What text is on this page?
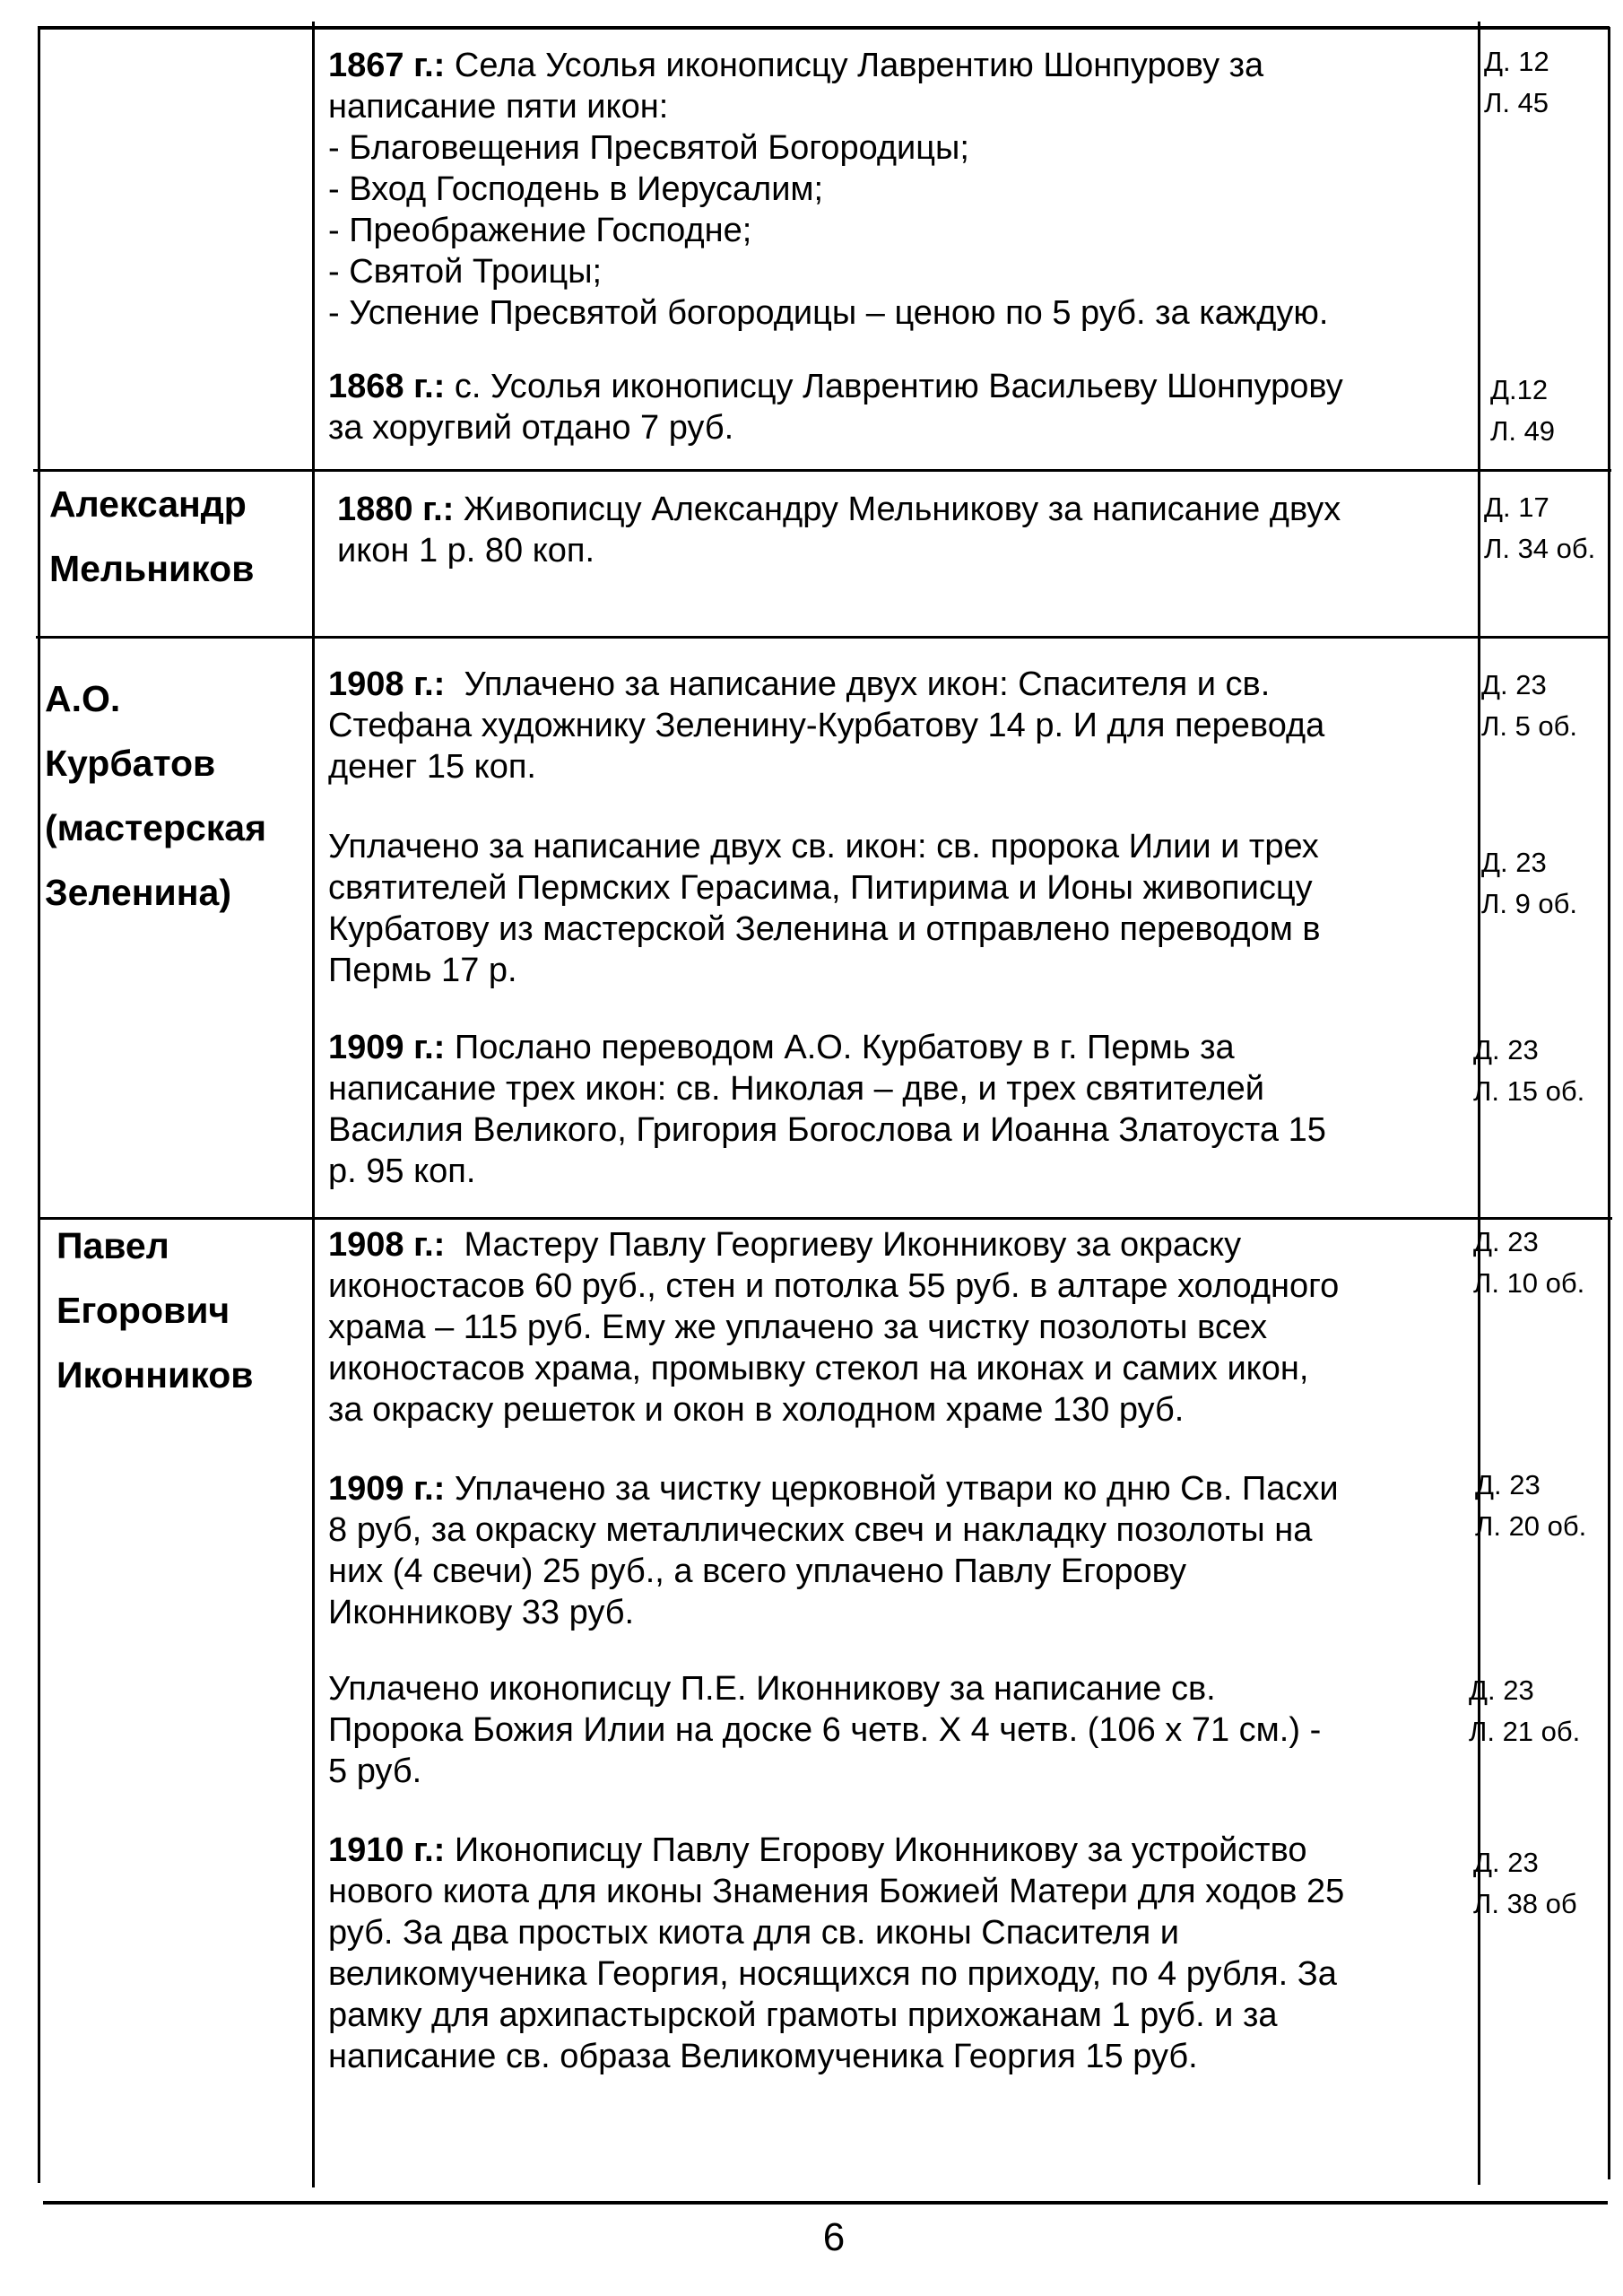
1867 г.: Села Усолья иконописцу Лаврентию Шонпурову за
написание пяти икон:
- Благовещения Пресвятой Богородицы;
- Вход Господень в Иерусалим;
- Преображение Господне;
- Святой Троицы;
- Успение Пресвятой богородицы – ценою по 5 руб. за каждую.
Д. 12
Л. 45
1868 г.: с. Усолья иконописцу Лаврентию Васильеву Шонпурову
за хоругвий отдано 7 руб.
Д.12
Л. 49
Александр
Мельников
1880 г.: Живописцу Александру Мельникову за написание двух
икон 1 р. 80 коп.
Д. 17
Л. 34 об.
А.О.
Курбатов
(мастерская
Зеленина)
1908 г.:  Уплачено за написание двух икон: Спасителя и св.
Стефана художнику Зеленину-Курбатову 14 р. И для перевода
денег 15 коп.
Д. 23
Л. 5 об.
Уплачено за написание двух св. икон: св. пророка Илии и трех
святителей Пермских Герасима, Питирима и Ионы живописцу
Курбатову из мастерской Зеленина и отправлено переводом в
Пермь 17 р.
Д. 23
Л. 9 об.
1909 г.: Послано переводом А.О. Курбатову в г. Пермь за
написание трех икон: св. Николая – две, и трех святителей
Василия Великого, Григория Богослова и Иоанна Златоуста 15
р. 95 коп.
Д. 23
Л. 15 об.
Павел
Егорович
Иконников
1908 г.:  Мастеру Павлу Георгиеву Иконникову за окраску
иконостасов 60 руб., стен и потолка 55 руб. в алтаре холодного
храма – 115 руб. Ему же уплачено за чистку позолоты всех
иконостасов храма, промывку стекол на иконах и самих икон,
за окраску решеток и окон в холодном храме 130 руб.
Д. 23
Л. 10 об.
1909 г.: Уплачено за чистку церковной утвари ко дню Св. Пасхи
8 руб, за окраску металлических свеч и накладку позолоты на
них (4 свечи) 25 руб., а всего уплачено Павлу Егорову
Иконникову 33 руб.
Д. 23
Л. 20 об.
Уплачено иконописцу П.Е. Иконникову за написание св.
Пророка Божия Илии на доске 6 четв. Х 4 четв. (106 х 71 см.) -
5 руб.
Д. 23
Л. 21 об.
1910 г.: Иконописцу Павлу Егорову Иконникову за устройство
нового киота для иконы Знамения Божией Матери для ходов 25
руб. За два простых киота для св. иконы Спасителя и
великомученика Георгия, носящихся по приходу, по 4 рубля. За
рамку для архипастырской грамоты прихожанам 1 руб. и за
написание св. образа Великомученика Георгия 15 руб.
Д. 23
Л. 38 об
6
